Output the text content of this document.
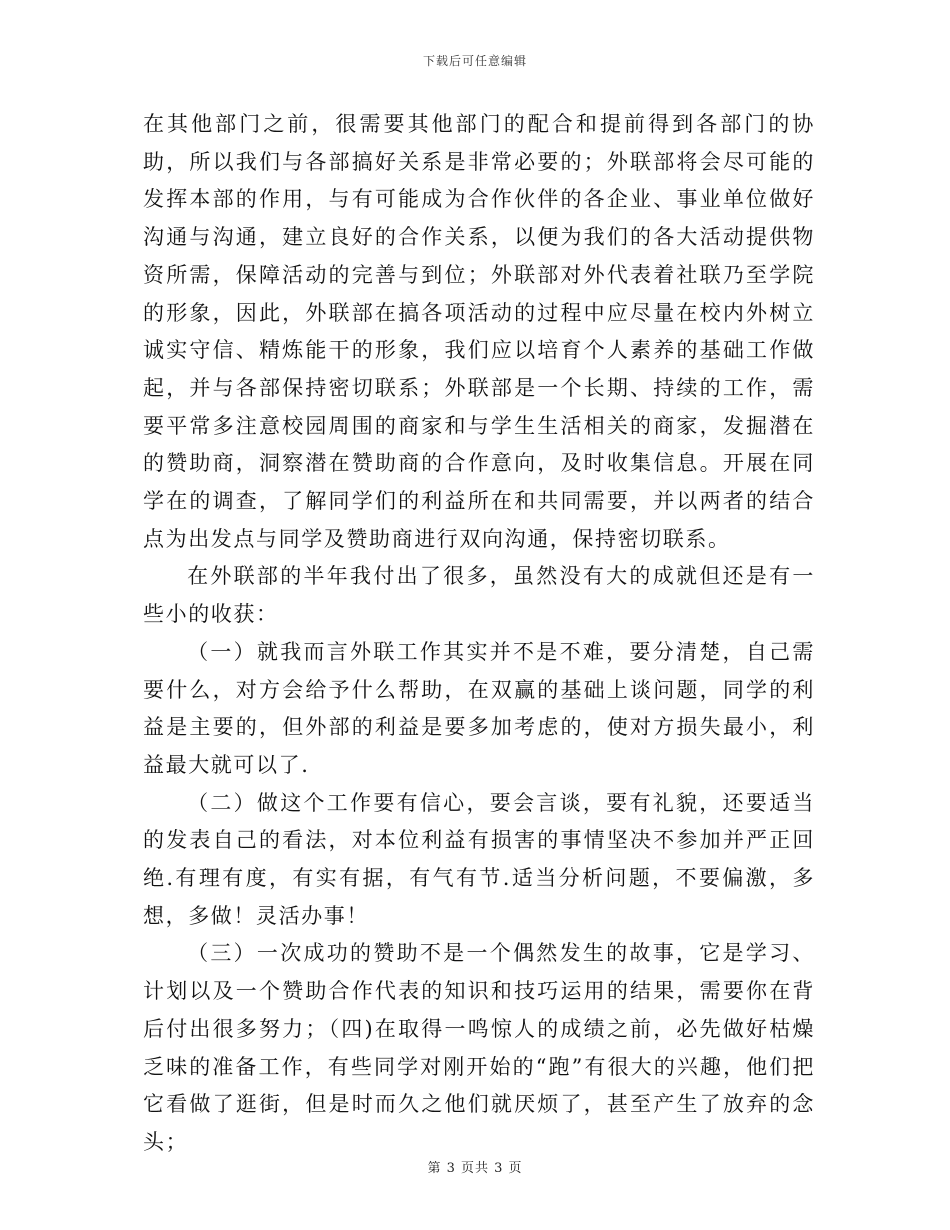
下载后可任意编辑

在其他部门之前，很需要其他部门的配合和提前得到各部门的协助，所以我们与各部搞好关系是非常必要的；外联部将会尽可能的发挥本部的作用，与有可能成为合作伙伴的各企业、事业单位做好沟通与沟通，建立良好的合作关系，以便为我们的各大活动提供物资所需，保障活动的完善与到位；外联部对外代表着社联乃至学院的形象，因此，外联部在搞各项活动的过程中应尽量在校内外树立诚实守信、精炼能干的形象，我们应以培育个人素养的基础工作做起，并与各部保持密切联系；外联部是一个长期、持续的工作，需要平常多注意校园周围的商家和与学生生活相关的商家，发掘潜在的赞助商，洞察潜在赞助商的合作意向，及时收集信息。开展在同学在的调查，了解同学们的利益所在和共同需要，并以两者的结合点为出发点与同学及赞助商进行双向沟通，保持密切联系。

在外联部的半年我付出了很多，虽然没有大的成就但还是有一些小的收获：

（一）就我而言外联工作其实并不是不难，要分清楚，自己需要什么，对方会给予什么帮助，在双赢的基础上谈问题，同学的利益是主要的，但外部的利益是要多加考虑的，使对方损失最小，利益最大就可以了.

（二）做这个工作要有信心，要会言谈，要有礼貌，还要适当的发表自己的看法，对本位利益有损害的事情坚决不参加并严正回绝.有理有度，有实有据，有气有节.适当分析问题，不要偏激，多想，多做！灵活办事！

（三）一次成功的赞助不是一个偶然发生的故事，它是学习、计划以及一个赞助合作代表的知识和技巧运用的结果，需要你在背后付出很多努力；（四)在取得一鸣惊人的成绩之前，必先做好枯燥乏味的准备工作，有些同学对刚开始的“跑”有很大的兴趣，他们把它看做了逛街，但是时而久之他们就厌烦了，甚至产生了放弃的念头；

第 3 页共 3 页
